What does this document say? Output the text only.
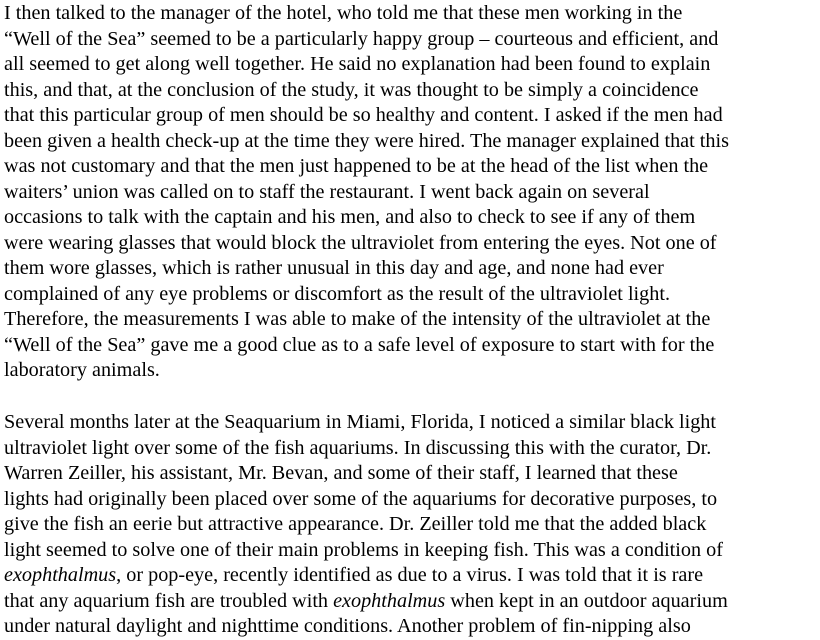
I then talked to the manager of the hotel, who told me that these men working in the
“Well of the Sea” seemed to be a particularly happy group – courteous and efficient, and
all seemed to get along well together. He said no explanation had been found to explain
this, and that, at the conclusion of the study, it was thought to be simply a coincidence
that this particular group of men should be so healthy and content. I asked if the men had
been given a health check-up at the time they were hired. The manager explained that this
was not customary and that the men just happened to be at the head of the list when the
waiters’ union was called on to staff the restaurant. I went back again on several
occasions to talk with the captain and his men, and also to check to see if any of them
were wearing glasses that would block the ultraviolet from entering the eyes. Not one of
them wore glasses, which is rather unusual in this day and age, and none had ever
complained of any eye problems or discomfort as the result of the ultraviolet light.
Therefore, the measurements I was able to make of the intensity of the ultraviolet at the
“Well of the Sea” gave me a good clue as to a safe level of exposure to start with for the
laboratory animals.

Several months later at the Seaquarium in Miami, Florida, I noticed a similar black light
ultraviolet light over some of the fish aquariums. In discussing this with the curator, Dr.
Warren Zeiller, his assistant, Mr. Bevan, and some of their staff, I learned that these
lights had originally been placed over some of the aquariums for decorative purposes, to
give the fish an eerie but attractive appearance. Dr. Zeiller told me that the added black
light seemed to solve one of their main problems in keeping fish. This was a condition of
exophthalmus, or pop-eye, recently identified as due to a virus. I was told that it is rare
that any aquarium fish are troubled with exophthalmus when kept in an outdoor aquarium
under natural daylight and nighttime conditions. Another problem of fin-nipping also
